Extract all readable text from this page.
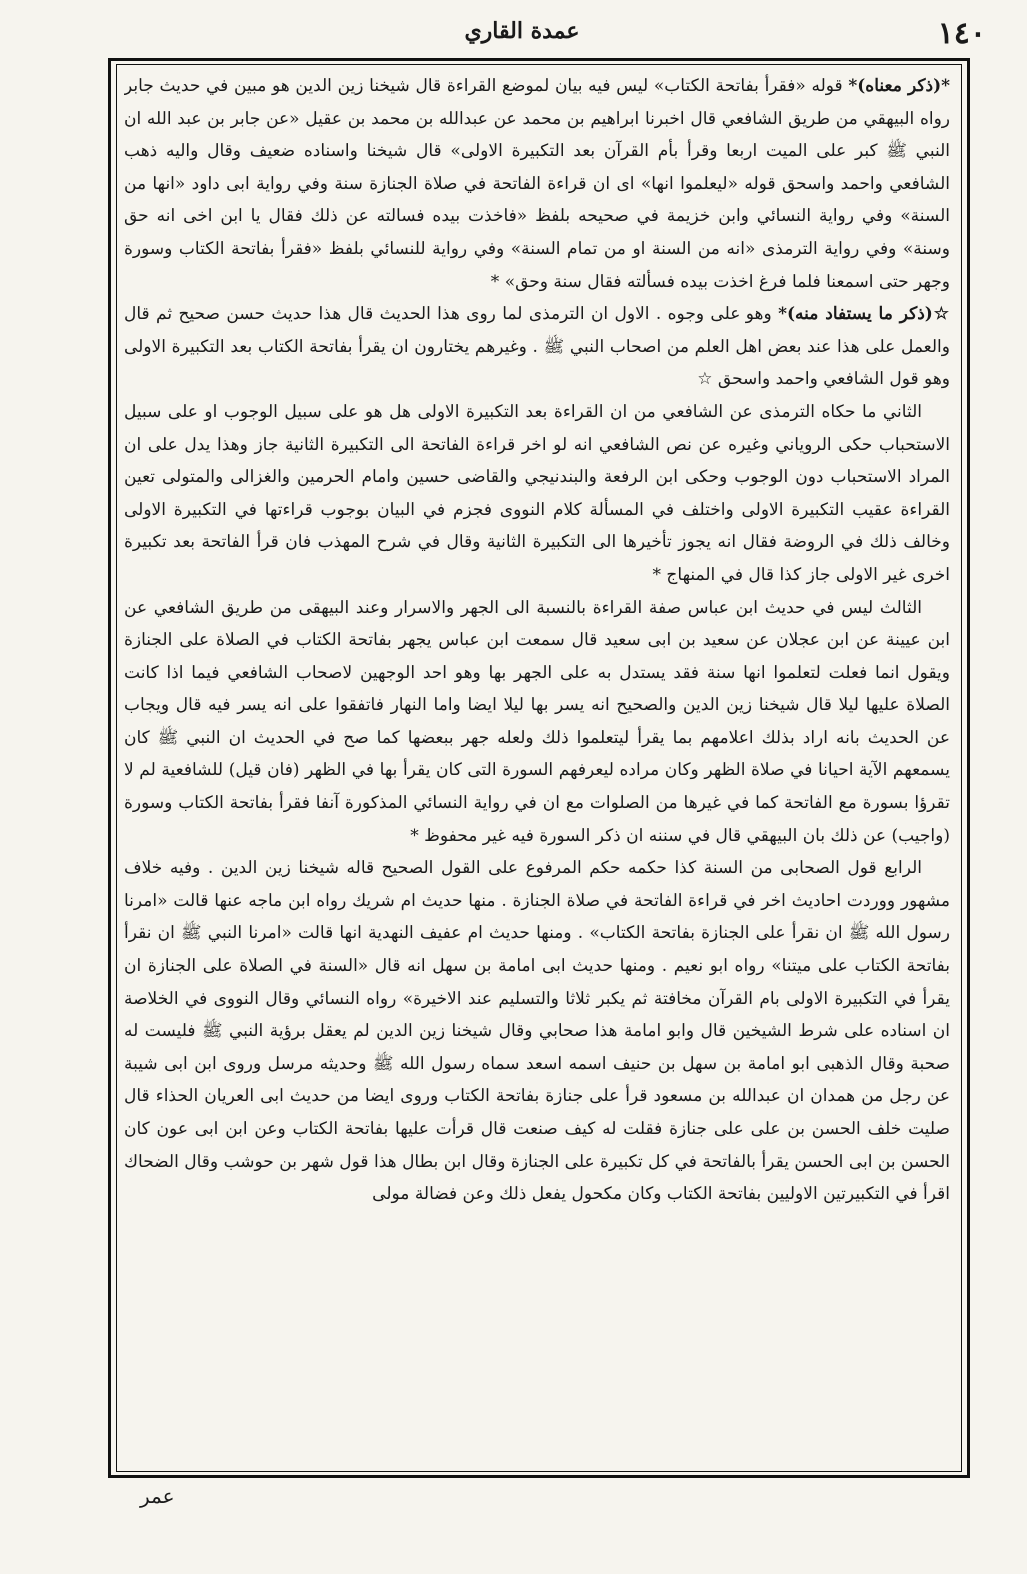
١٤٠
عمدة القاري

*(ذكر معناه)* قوله «فقرأ بفاتحة الكتاب» ليس فيه بيان لموضع القراءة قال شيخنا زين الدين هو مبين في حديث جابر رواه البيهقي من طريق الشافعي قال اخبرنا ابراهيم بن محمد عن عبدالله بن محمد بن عقيل «عن جابر بن عبد الله ان النبي ﷺ كبر على الميت اربعا وقرأ بأم القرآن بعد التكبيرة الاولى» قال شيخنا واسناده ضعيف وقال واليه ذهب الشافعي واحمد واسحق قوله «ليعلموا انها» اى ان قراءة الفاتحة في صلاة الجنازة سنة وفي رواية ابى داود «انها من السنة» وفي رواية النسائي وابن خزيمة في صحيحه بلفظ «فاخذت بيده فسالته عن ذلك فقال يا ابن اخى انه حق وسنة» وفي رواية الترمذى «انه من السنة او من تمام السنة» وفي رواية للنسائي بلفظ «فقرأ بفاتحة الكتاب وسورة وجهر حتى اسمعنا فلما فرغ اخذت بيده فسألته فقال سنة وحق» *

☆(ذكر ما يستفاد منه)* وهو على وجوه . الاول ان الترمذى لما روى هذا الحديث قال هذا حديث حسن صحيح ثم قال والعمل على هذا عند بعض اهل العلم من اصحاب النبي ﷺ . وغيرهم يختارون ان يقرأ بفاتحة الكتاب بعد التكبيرة الاولى وهو قول الشافعي واحمد واسحق ☆

الثاني ما حكاه الترمذى عن الشافعي من ان القراءة بعد التكبيرة الاولى هل هو على سبيل الوجوب او على سبيل الاستحباب حكى الروياني وغيره عن نص الشافعي انه لو اخر قراءة الفاتحة الى التكبيرة الثانية جاز وهذا يدل على ان المراد الاستحباب دون الوجوب وحكى ابن الرفعة والبندنيجي والقاضى حسين وامام الحرمين والغزالى والمتولى تعين القراءة عقيب التكبيرة الاولى واختلف في المسألة كلام النووى فجزم في البيان بوجوب قراءتها في التكبيرة الاولى وخالف ذلك في الروضة فقال انه يجوز تأخيرها الى التكبيرة الثانية وقال في شرح المهذب فان قرأ الفاتحة بعد تكبيرة اخرى غير الاولى جاز كذا قال في المنهاج *

الثالث ليس في حديث ابن عباس صفة القراءة بالنسبة الى الجهر والاسرار وعند البيهقى من طريق الشافعي عن ابن عيينة عن ابن عجلان عن سعيد بن ابى سعيد قال سمعت ابن عباس يجهر بفاتحة الكتاب في الصلاة على الجنازة ويقول انما فعلت لتعلموا انها سنة فقد يستدل به على الجهر بها وهو احد الوجهين لاصحاب الشافعي فيما اذا كانت الصلاة عليها ليلا قال شيخنا زين الدين والصحيح انه يسر بها ليلا ايضا واما النهار فاتفقوا على انه يسر فيه قال ويجاب عن الحديث بانه اراد بذلك اعلامهم بما يقرأ ليتعلموا ذلك ولعله جهر ببعضها كما صح في الحديث ان النبي ﷺ كان يسمعهم الآية احيانا في صلاة الظهر وكان مراده ليعرفهم السورة التى كان يقرأ بها في الظهر (فان قيل) للشافعية لم لا تقرؤا بسورة مع الفاتحة كما في غيرها من الصلوات مع ان في رواية النسائي المذكورة آنفا فقرأ بفاتحة الكتاب وسورة (واجيب) عن ذلك بان البيهقي قال في سننه ان ذكر السورة فيه غير محفوظ *

الرابع قول الصحابى من السنة كذا حكمه حكم المرفوع على القول الصحيح قاله شيخنا زين الدين . وفيه خلاف مشهور ووردت احاديث اخر في قراءة الفاتحة في صلاة الجنازة . منها حديث ام شريك رواه ابن ماجه عنها قالت «امرنا رسول الله ﷺ ان نقرأ على الجنازة بفاتحة الكتاب» . ومنها حديث ام عفيف النهدية انها قالت «امرنا النبي ﷺ ان نقرأ بفاتحة الكتاب على ميتنا» رواه ابو نعيم . ومنها حديث ابى امامة بن سهل انه قال «السنة في الصلاة على الجنازة ان يقرأ في التكبيرة الاولى بام القرآن مخافتة ثم يكبر ثلاثا والتسليم عند الاخيرة» رواه النسائي وقال النووى في الخلاصة ان اسناده على شرط الشيخين قال وابو امامة هذا صحابي وقال شيخنا زين الدين لم يعقل برؤية النبي ﷺ فليست له صحبة وقال الذهبى ابو امامة بن سهل بن حنيف اسمه اسعد سماه رسول الله ﷺ وحديثه مرسل وروى ابن ابى شيبة عن رجل من همدان ان عبدالله بن مسعود قرأ على جنازة بفاتحة الكتاب وروى ايضا من حديث ابى العريان الحذاء قال صليت خلف الحسن بن على على جنازة فقلت له كيف صنعت قال قرأت عليها بفاتحة الكتاب وعن ابن ابى عون كان الحسن بن ابى الحسن يقرأ بالفاتحة في كل تكبيرة على الجنازة وقال ابن بطال هذا قول شهر بن حوشب وقال الضحاك اقرأ في التكبيرتين الاوليين بفاتحة الكتاب وكان مكحول يفعل ذلك وعن فضالة مولى

عمر
